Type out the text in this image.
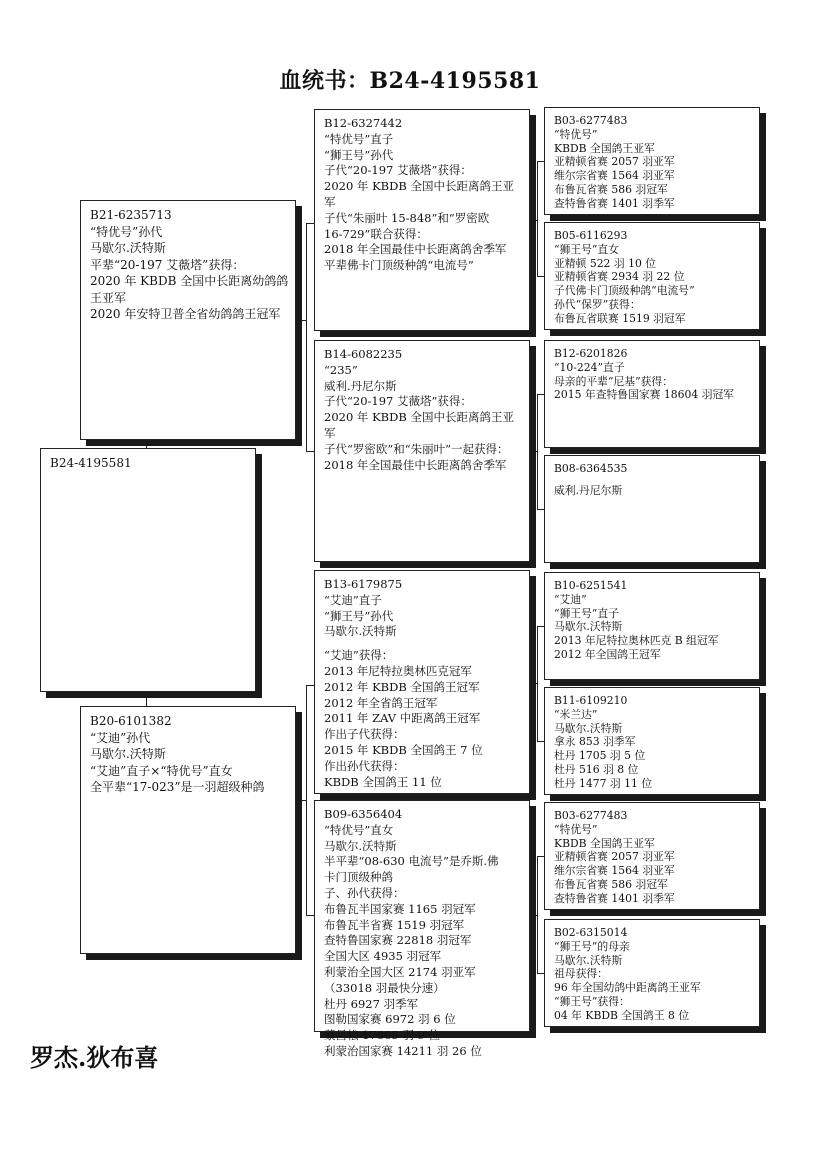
血统书：B24-4195581
B24-4195581
B21-6235713
“特优号”孙代
马歇尔.沃特斯
平辈“20-197 艾薇塔”获得：
2020 年 KBDB 全国中长距离幼鸽鸽
王亚军
2020 年安特卫普全省幼鸽鸽王冠军
B20-6101382
“艾迪”孙代
马歇尔.沃特斯
“艾迪”直子×“特优号”直女
全平辈“17-023”是一羽超级种鸽
B12-6327442
“特优号”直子
“狮王号”孙代
子代“20-197 艾薇塔”获得：
2020 年 KBDB 全国中长距离鸽王亚
军
子代“朱丽叶 15-848”和“罗密欧
16-729”联合获得：
2018 年全国最佳中长距离鸽舍季军
平辈佛卡门顶级种鸽“电流号”
B14-6082235
“235”
威利.丹尼尔斯
子代“20-197 艾薇塔”获得：
2020 年 KBDB 全国中长距离鸽王亚
军
子代“罗密欧”和“朱丽叶”一起获得：
2018 年全国最佳中长距离鸽舍季军
B13-6179875
“艾迪”直子
“狮王号”孙代
马歇尔.沃特斯
“艾迪”获得：
2013 年尼特拉奥林匹克冠军
2012 年 KBDB 全国鸽王冠军
2012 年全省鸽王冠军
2011 年 ZAV 中距离鸽王冠军
作出子代获得：
2015 年 KBDB 全国鸽王 7 位
作出孙代获得：
KBDB 全国鸽王 11 位
B09-6356404
“特优号”直女
马歇尔.沃特斯
半平辈“08-630 电流号”是乔斯.佛
卡门顶级种鸽
子、孙代获得：
布鲁瓦半国家赛 1165 羽冠军
布鲁瓦半省赛 1519 羽冠军
查特鲁国家赛 22818 羽冠军
全国大区 4935 羽冠军
利蒙治全国大区 2174 羽亚军
（33018 羽最快分速）
杜丹 6927 羽季军
图勒国家赛 6972 羽 6 位
蒙吕松 17865 羽 9 位
利蒙治国家赛 14211 羽 26 位
B03-6277483
“特优号”
KBDB 全国鸽王亚军
亚精顿省赛 2057 羽亚军
维尔宗省赛 1564 羽亚军
布鲁瓦省赛 586 羽冠军
查特鲁省赛 1401 羽季军
B05-6116293
“狮王号”直女
亚精顿 522 羽 10 位
亚精顿省赛 2934 羽 22 位
子代佛卡门顶级种鸽“电流号”
孙代“保罗”获得：
布鲁瓦省联赛 1519 羽冠军
B12-6201826
“10-224”直子
母亲的平辈“尼基”获得：
2015 年查特鲁国家赛 18604 羽冠军
B08-6364535
威利.丹尼尔斯
B10-6251541
“艾迪”
“狮王号”直子
马歇尔.沃特斯
2013 年尼特拉奥林匹克 B 组冠军
2012 年全国鸽王冠军
B11-6109210
“米兰达”
马歇尔.沃特斯
拿永 853 羽季军
杜丹 1705 羽 5 位
杜丹 516 羽 8 位
杜丹 1477 羽 11 位
B03-6277483
“特优号”
KBDB 全国鸽王亚军
亚精顿省赛 2057 羽亚军
维尔宗省赛 1564 羽亚军
布鲁瓦省赛 586 羽冠军
查特鲁省赛 1401 羽季军
B02-6315014
“狮王号”的母亲
马歇尔.沃特斯
祖母获得：
96 年全国幼鸽中距离鸽王亚军
“狮王号”获得：
04 年 KBDB 全国鸽王 8 位
罗杰.狄布喜
